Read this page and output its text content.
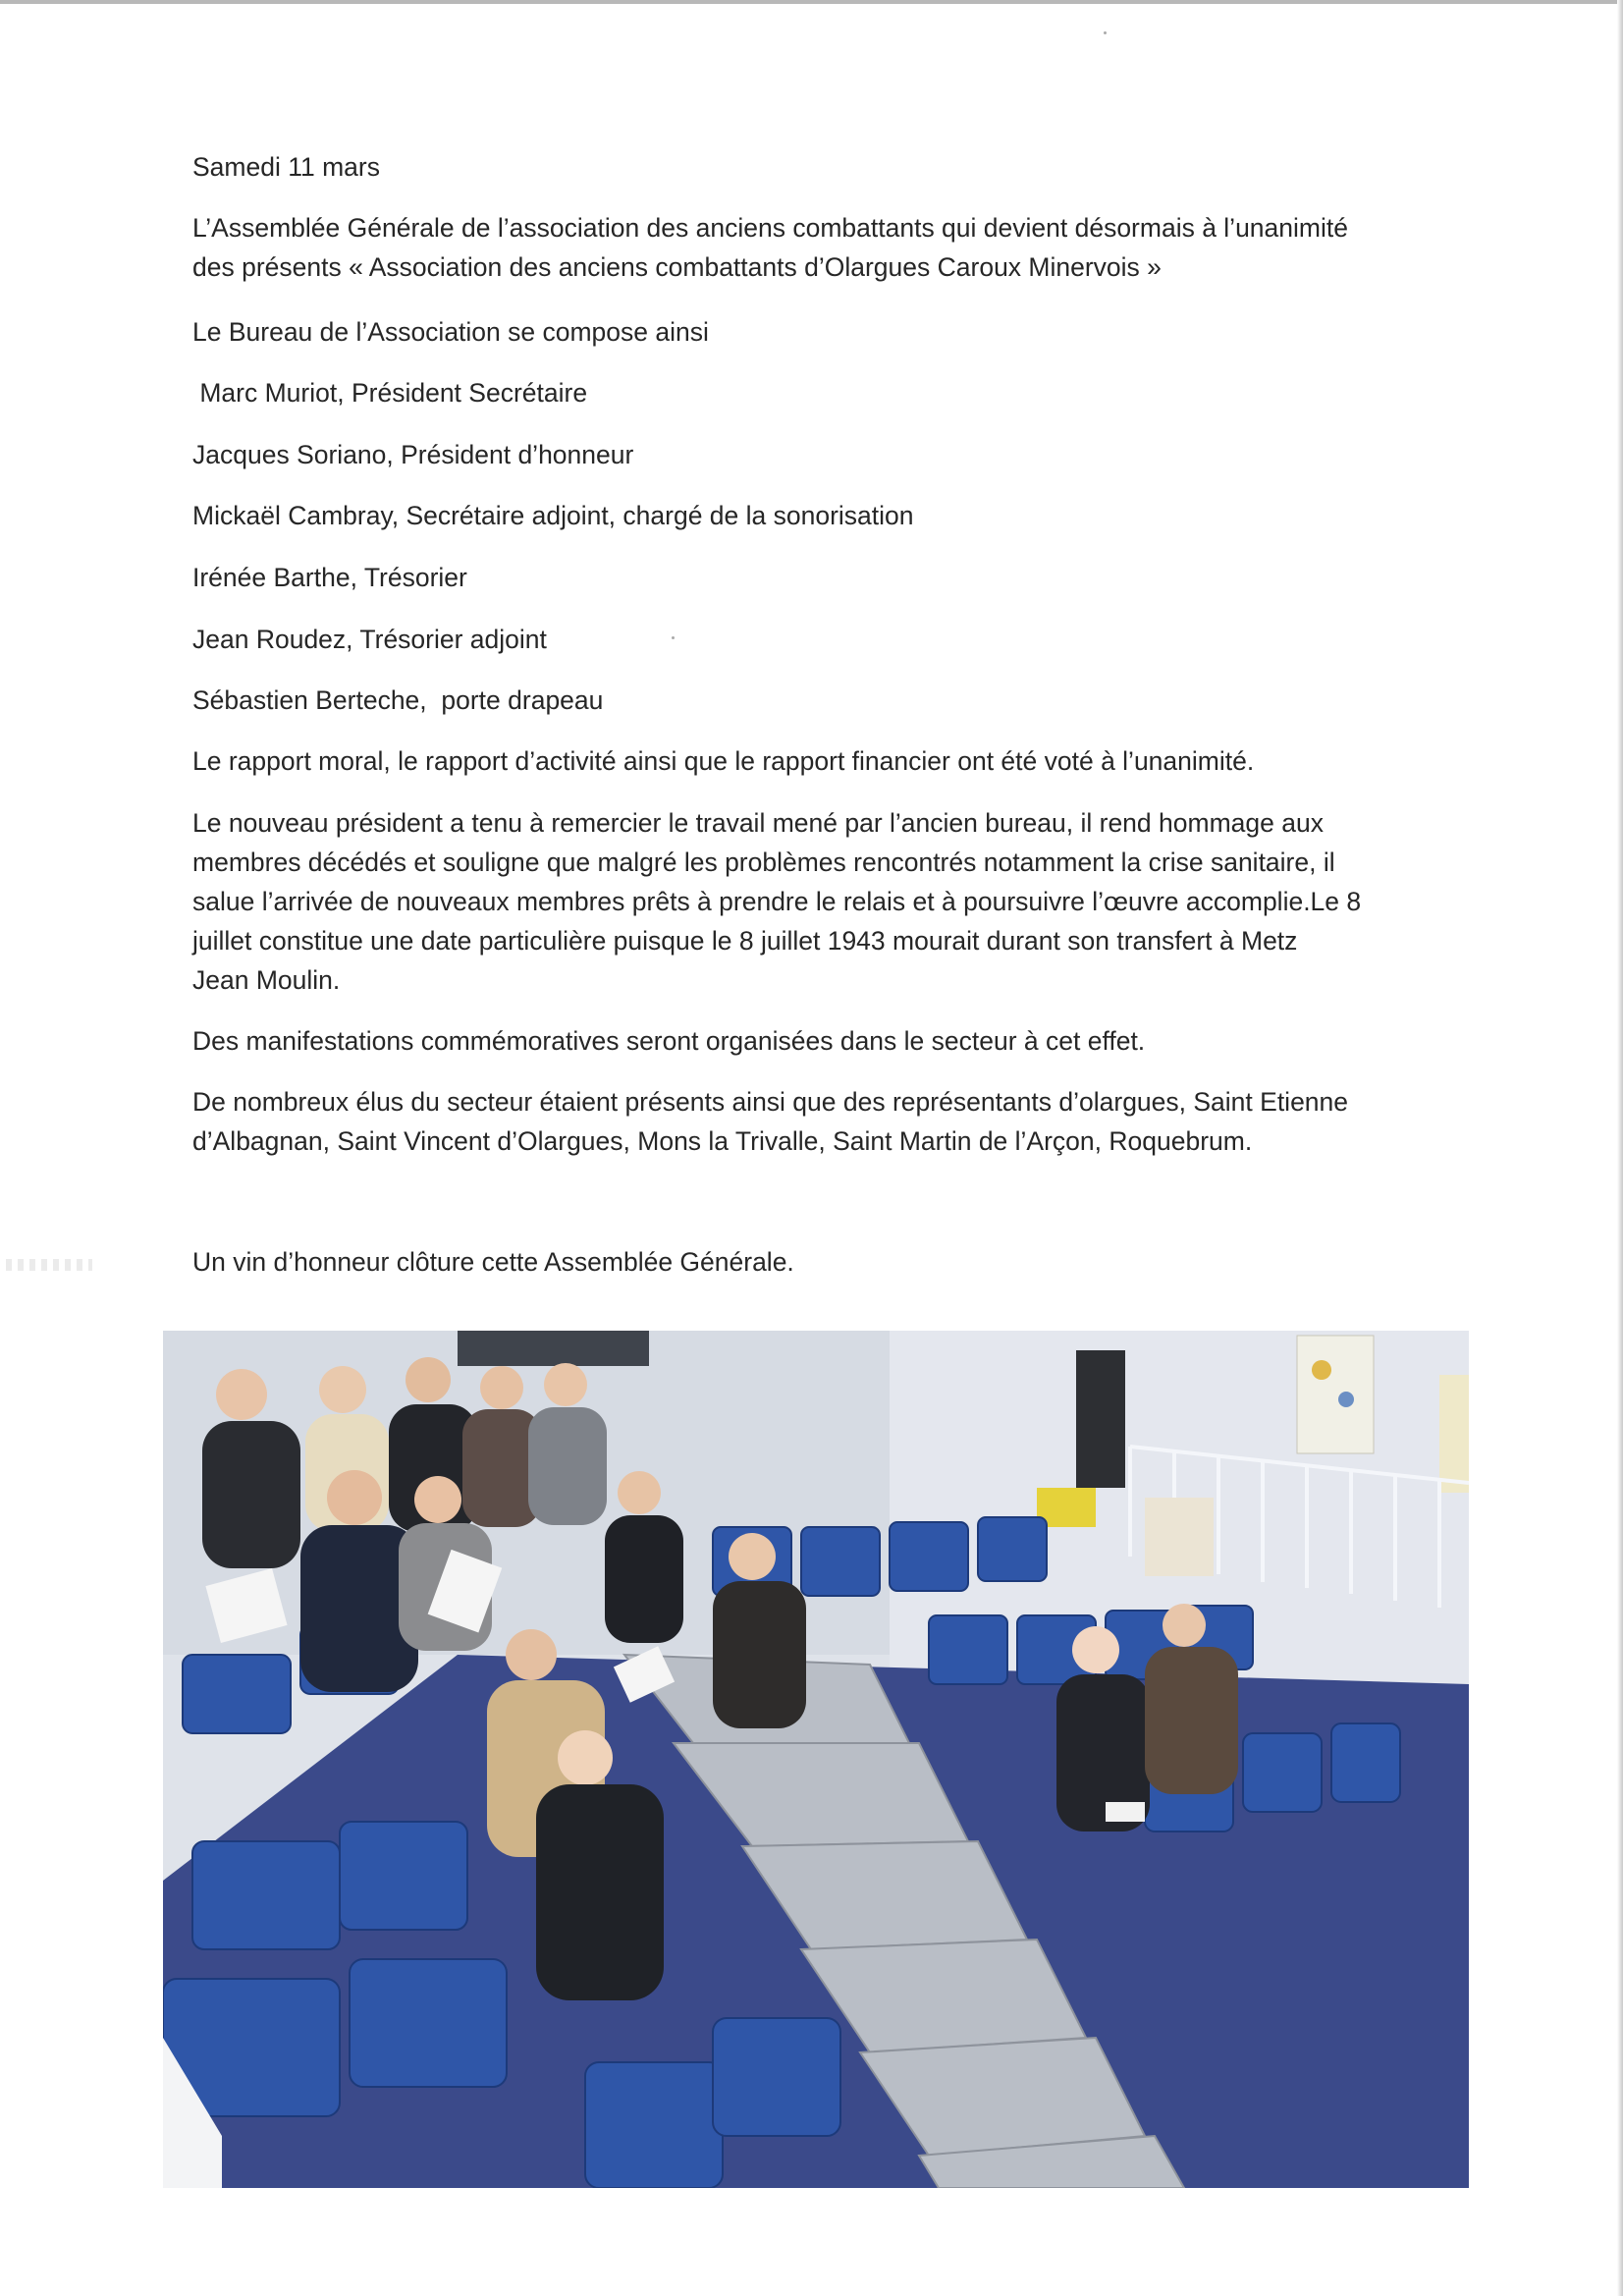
Samedi 11 mars
L’Assemblée Générale de l’association des anciens combattants qui devient désormais à l’unanimité
des présents « Association des anciens combattants d’Olargues Caroux Minervois »
Le Bureau de l’Association se compose ainsi
Marc Muriot, Président Secrétaire
Jacques Soriano, Président d’honneur
Mickaël Cambray, Secrétaire adjoint, chargé de la sonorisation
Irénée Barthe, Trésorier
Jean Roudez, Trésorier adjoint
Sébastien Berteche,  porte drapeau
Le rapport moral, le rapport d’activité ainsi que le rapport financier ont été voté à l’unanimité.
Le nouveau président a tenu à remercier le travail mené par l’ancien bureau, il rend hommage aux
membres décédés et souligne que malgré les problèmes rencontrés notamment la crise sanitaire, il
salue l’arrivée de nouveaux membres prêts à prendre le relais et à poursuivre l’œuvre accomplie.Le 8
juillet constitue une date particulière puisque le 8 juillet 1943 mourait durant son transfert à Metz
Jean Moulin.
Des manifestations commémoratives seront organisées dans le secteur à cet effet.
De nombreux élus du secteur étaient présents ainsi que des représentants d’olargues, Saint Etienne
d’Albagnan, Saint Vincent d’Olargues, Mons la Trivalle, Saint Martin de l’Arçon, Roquebrum.
Un vin d’honneur clôture cette Assemblée Générale.
